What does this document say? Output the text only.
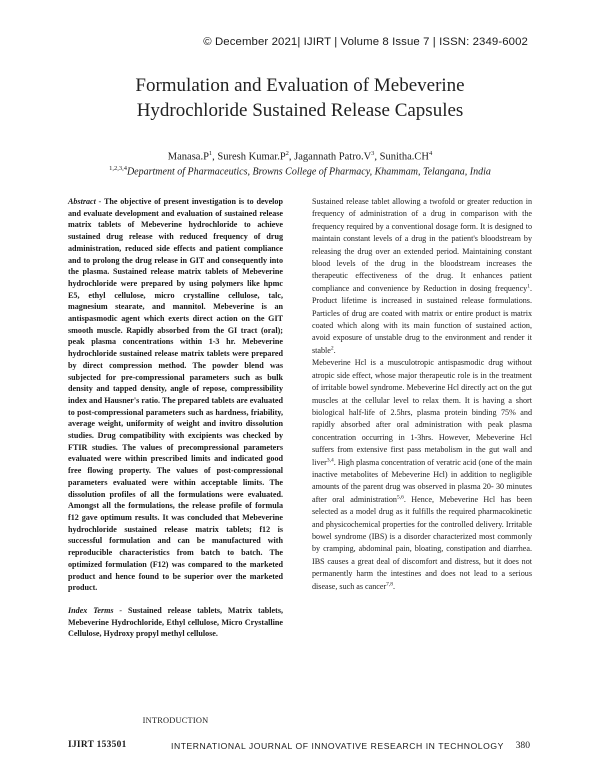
© December 2021| IJIRT | Volume 8 Issue 7 | ISSN: 2349-6002
Formulation and Evaluation of Mebeverine
Hydrochloride Sustained Release Capsules
$Manasa.P^1$, Suresh $Kumar.P^2$, Jagannath $Patro.V^3$, $Sunitha.CH^4$
$^{1,2,3,4}$Department of Pharmaceutics, Browns College of Pharmacy, Khammam, Telangana, India

Abstract - The objective of present investigation is to develop and evaluate development and evaluation of sustained release matrix tablets of Mebeverine hydrochloride to achieve sustained drug release with reduced frequency of drug administration, reduced side effects and patient compliance and to prolong the drug release in GIT and consequently into the plasma. Sustained release matrix tablets of Mebeverine hydrochloride were prepared by using polymers like hpmc E5, ethyl cellulose, micro crystalline cellulose, talc, magnesium stearate, and mannitol. Mebeverine is an antispasmodic agent which exerts direct action on the GIT smooth muscle. Rapidly absorbed from the GI tract (oral); peak plasma concentrations within 1-3 hr. Mebeverine hydrochloride sustained release matrix tablets were prepared by direct compression method. The powder blend was subjected for pre-compressional parameters such as bulk density and tapped density, angle of repose, compressibility index and Hausner's ratio. The prepared tablets are evaluated to post-compressional parameters such as hardness, friability, average weight, uniformity of weight and invitro dissolution studies. Drug compatibility with excipients was checked by FTIR studies. The values of precompressional parameters evaluated were within prescribed limits and indicated good free flowing property. The values of post-compressional parameters evaluated were within acceptable limits. The dissolution profiles of all the formulations were evaluated. Amongst all the formulations, the release profile of formula f12 gave optimum results. It was concluded that Mebeverine hydrochloride sustained release matrix tablets; f12 is successful formulation and can be manufactured with reproducible characteristics from batch to batch. The optimized formulation (F12) was compared to the marketed product and hence found to be superior over the marketed product.

Index Terms - Sustained release tablets, Matrix tablets, Mebeverine Hydrochloride, Ethyl cellulose, Micro Crystalline Cellulose, Hydroxy propyl methyl cellulose.

INTRODUCTION

Sustained release tablet allowing a twofold or greater reduction in frequency of administration of a drug in comparison with the frequency required by a conventional dosage form. It is designed to maintain constant levels of a drug in the patient's bloodstream by releasing the drug over an extended period. Maintaining constant blood levels of the drug in the bloodstream increases the therapeutic effectiveness of the drug. It enhances patient compliance and convenience by Reduction in dosing frequency$^1$. Product lifetime is increased in sustained release formulations. Particles of drug are coated with matrix or entire product is matrix coated which along with its main function of sustained action, avoid exposure of unstable drug to the environment and render it stable$^2$.

Mebeverine Hcl is a musculotropic antispasmodic drug without atropic side effect, whose major therapeutic role is in the treatment of irritable bowel syndrome. Mebeverine Hcl directly act on the gut muscles at the cellular level to relax them. It is having a short biological half-life of 2.5hrs, plasma protein binding 75% and rapidly absorbed after oral administration with peak plasma concentration occurring in 1-3hrs. However, Mebeverine Hcl suffers from extensive first pass metabolism in the gut wall and liver$^{3,4}$. High plasma concentration of veratric acid (one of the main inactive metabolites of Mebeverine Hcl) in addition to negligible amounts of the parent drug was observed in plasma 20- 30 minutes after oral administration$^{5,6}$. Hence, Mebeverine Hcl has been selected as a model drug as it fulfills the required pharmacokinetic and physicochemical properties for the controlled delivery. Irritable bowel syndrome (IBS) is a disorder characterized most commonly by cramping, abdominal pain, bloating, constipation and diarrhea. IBS causes a great deal of discomfort and distress, but it does not permanently harm the intestines and does not lead to a serious disease, such as cancer$^{7,8}$.

IJIRT 153501	INTERNATIONAL JOURNAL OF INNOVATIVE RESEARCH IN TECHNOLOGY 380
